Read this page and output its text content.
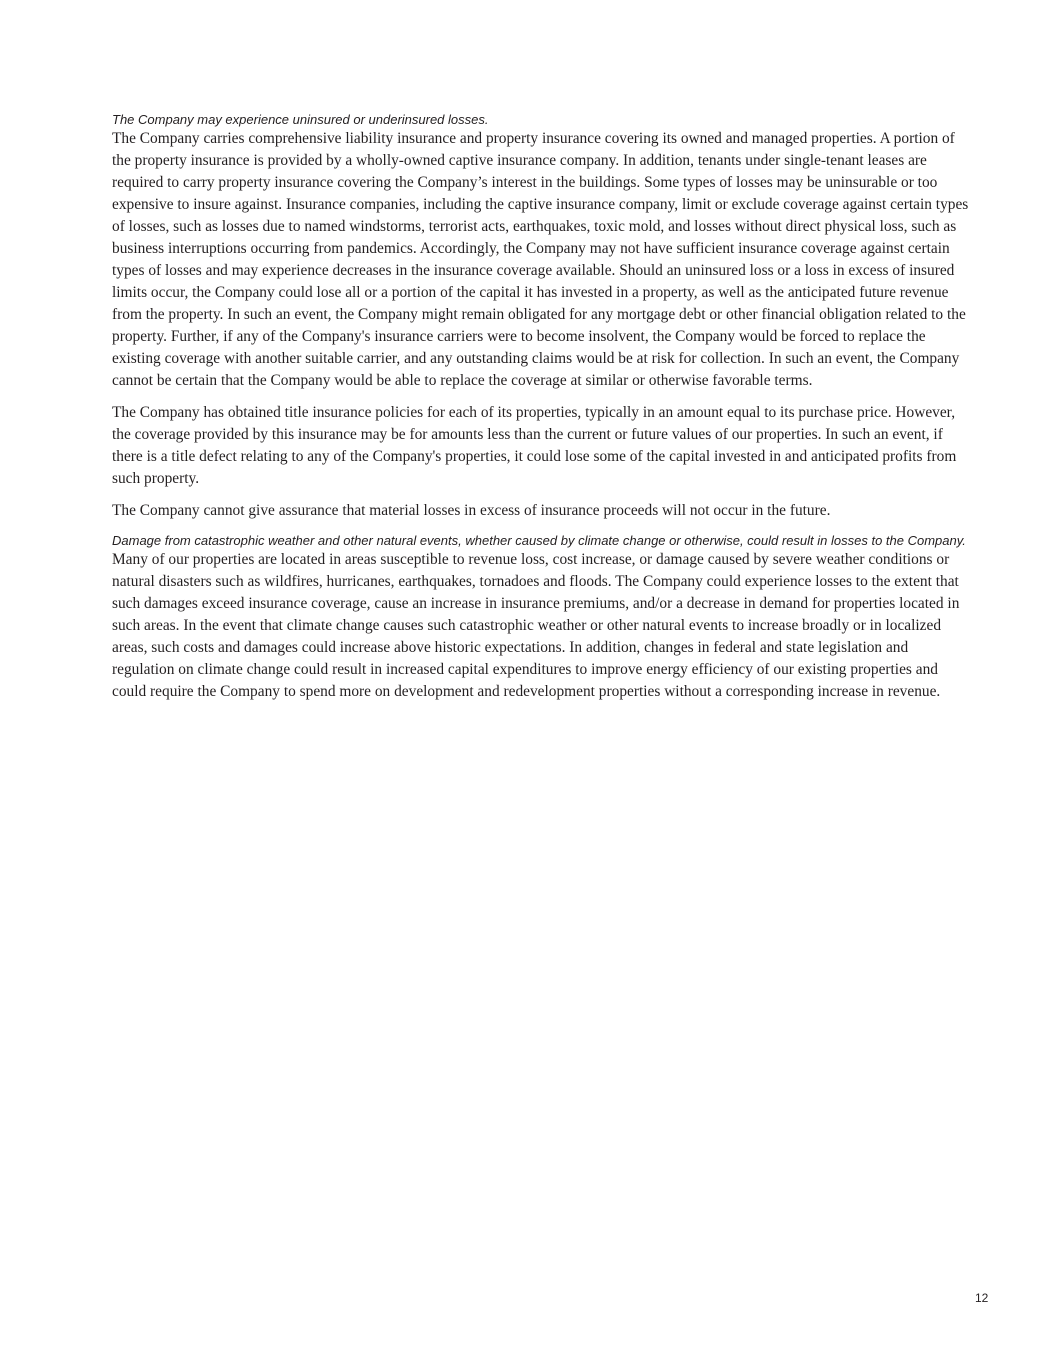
The Company may experience uninsured or underinsured losses.

The Company carries comprehensive liability insurance and property insurance covering its owned and managed properties. A portion of the property insurance is provided by a wholly-owned captive insurance company. In addition, tenants under single-tenant leases are required to carry property insurance covering the Company’s interest in the buildings. Some types of losses may be uninsurable or too expensive to insure against. Insurance companies, including the captive insurance company, limit or exclude coverage against certain types of losses, such as losses due to named windstorms, terrorist acts, earthquakes, toxic mold, and losses without direct physical loss, such as business interruptions occurring from pandemics. Accordingly, the Company may not have sufficient insurance coverage against certain types of losses and may experience decreases in the insurance coverage available. Should an uninsured loss or a loss in excess of insured limits occur, the Company could lose all or a portion of the capital it has invested in a property, as well as the anticipated future revenue from the property. In such an event, the Company might remain obligated for any mortgage debt or other financial obligation related to the property. Further, if any of the Company's insurance carriers were to become insolvent, the Company would be forced to replace the existing coverage with another suitable carrier, and any outstanding claims would be at risk for collection. In such an event, the Company cannot be certain that the Company would be able to replace the coverage at similar or otherwise favorable terms.

The Company has obtained title insurance policies for each of its properties, typically in an amount equal to its purchase price. However, the coverage provided by this insurance may be for amounts less than the current or future values of our properties. In such an event, if there is a title defect relating to any of the Company's properties, it could lose some of the capital invested in and anticipated profits from such property.

The Company cannot give assurance that material losses in excess of insurance proceeds will not occur in the future.

Damage from catastrophic weather and other natural events, whether caused by climate change or otherwise, could result in losses to the Company.

Many of our properties are located in areas susceptible to revenue loss, cost increase, or damage caused by severe weather conditions or natural disasters such as wildfires, hurricanes, earthquakes, tornadoes and floods. The Company could experience losses to the extent that such damages exceed insurance coverage, cause an increase in insurance premiums, and/or a decrease in demand for properties located in such areas. In the event that climate change causes such catastrophic weather or other natural events to increase broadly or in localized areas, such costs and damages could increase above historic expectations. In addition, changes in federal and state legislation and regulation on climate change could result in increased capital expenditures to improve energy efficiency of our existing properties and could require the Company to spend more on development and redevelopment properties without a corresponding increase in revenue.

12
